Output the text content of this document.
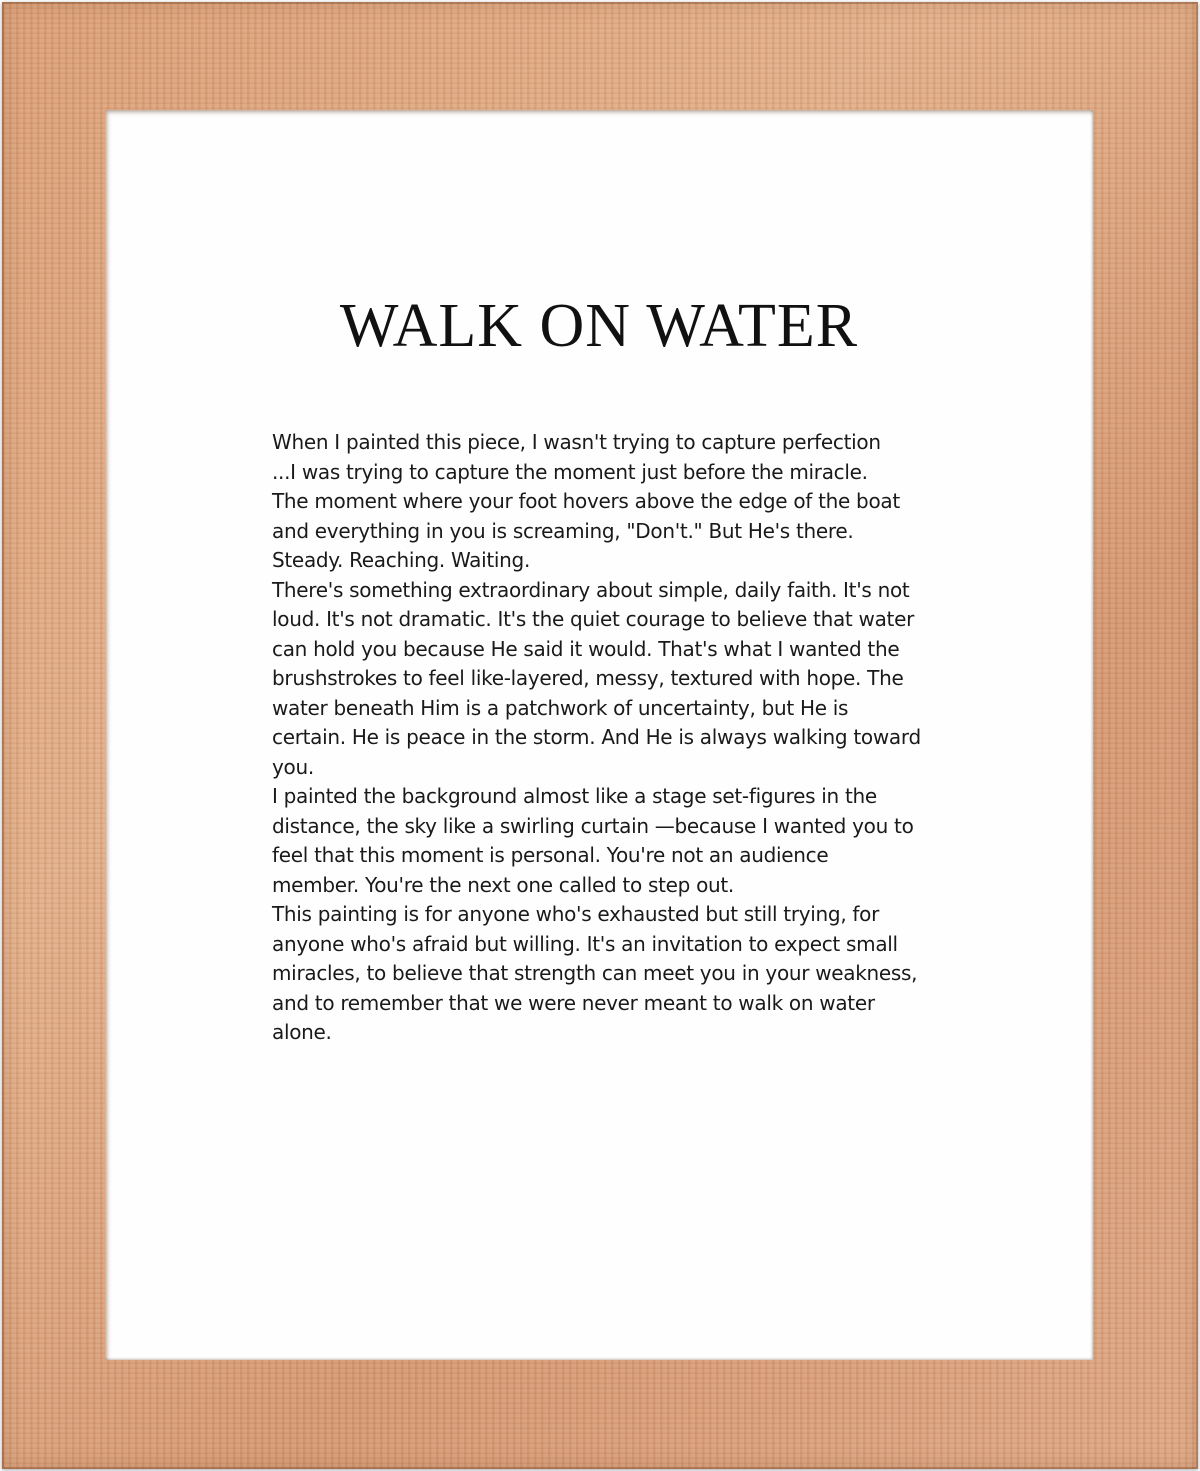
WALK ON WATER
When I painted this piece, I wasn't trying to capture perfection
...I was trying to capture the moment just before the miracle.
The moment where your foot hovers above the edge of the boat
and everything in you is screaming, "Don't." But He's there.
Steady. Reaching. Waiting.
There's something extraordinary about simple, daily faith. It's not
loud. It's not dramatic. It's the quiet courage to believe that water
can hold you because He said it would. That's what I wanted the
brushstrokes to feel like-layered, messy, textured with hope. The
water beneath Him is a patchwork of uncertainty, but He is
certain. He is peace in the storm. And He is always walking toward
you.
I painted the background almost like a stage set-figures in the
distance, the sky like a swirling curtain —because I wanted you to
feel that this moment is personal. You're not an audience
member. You're the next one called to step out.
This painting is for anyone who's exhausted but still trying, for
anyone who's afraid but willing. It's an invitation to expect small
miracles, to believe that strength can meet you in your weakness,
and to remember that we were never meant to walk on water
alone.
